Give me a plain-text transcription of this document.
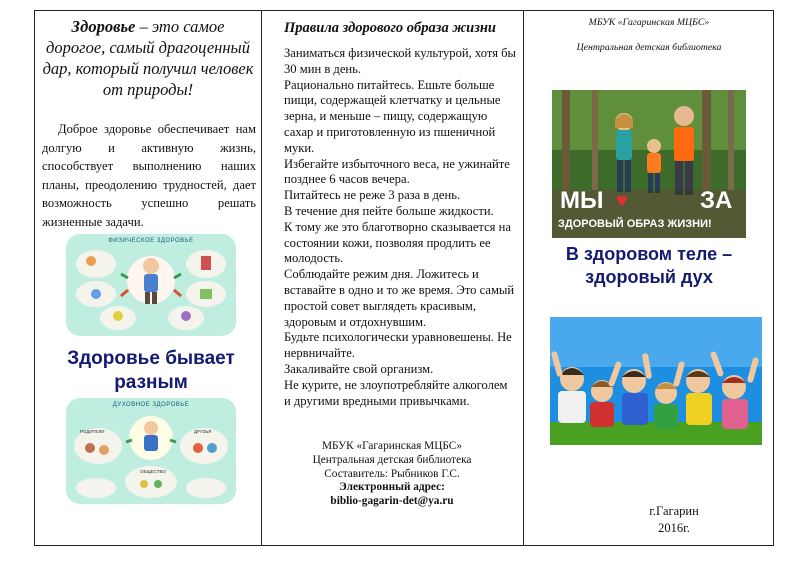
Здоровье – это самое дорогое, самый драгоценный дар, который получил человек от природы!
Доброе здоровье обеспечивает нам долгую и активную жизнь, способствует выполнению наших планы, преодолению трудностей, дает возможность успешно решать жизненные задачи.
ФИЗИЧЕСКОЕ ЗДОРОВЬЕ
Здоровье бывает разным
ДУХОВНОЕ ЗДОРОВЬЕ
РОДИТЕЛИ	ДРУЗЬЯ
ОБЩЕСТВО
Правила здорового образа жизни

Заниматься физической культурой, хотя бы 30 мин в день.

Рационально питайтесь. Ешьте больше пищи, содержащей клетчатку и цельные зерна, и меньше – пищу, содержащую сахар и приготовленную из пшеничной муки.

Избегайте избыточного веса, не ужинайте позднее 6 часов вечера.

Питайтесь не реже 3 раза в день.

В течение дня пейте больше жидкости.

К тому же это благотворно сказывается на состоянии кожи, позволяя продлить ее молодость.

Соблюдайте режим дня. Ложитесь и вставайте в одно и то же время. Это самый простой совет выглядеть красивым, здоровым и отдохнувшим.

Будьте психологически уравновешены. Не нервничайте.

Закаливайте свой организм.

Не курите, не злоупотребляйте алкоголем и другими вредными привычками.

МБУК «Гагаринская МЦБС»
Центральная детская библиотека
Составитель: Рыбников Г.С.
Электронный адрес:
biblio-gagarin-det@ya.ru
МБУК «Гагаринская МЦБС»
Центральная детская библиотека
МЫ ♥	ЗА
ЗДОРОВЫЙ ОБРАЗ ЖИЗНИ!
В здоровом теле – здоровый дух
г.Гагарин
2016г.
